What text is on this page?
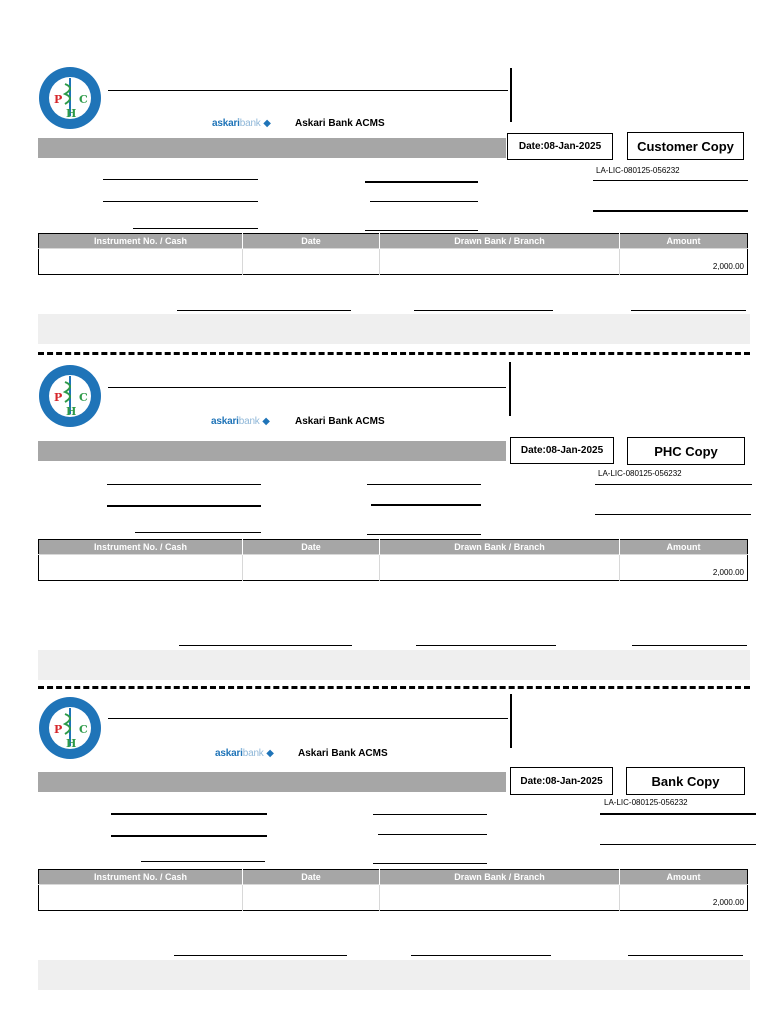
P C
H
askaribank ◆ Askari Bank ACMS
Date:08-Jan-2025	Customer Copy
LA-LIC-080125-056232
Instrument No. / Cash	Date	Drawn Bank / Branch	Amount
			2,000.00
P C
H
askaribank ◆	Askari Bank ACMS
Date:08-Jan-2025	PHC Copy
LA-LIC-080125-056232
Instrument No. / Cash	Date	Drawn Bank / Branch	Amount
			2,000.00
P C
H
askaribank ◆ Askari Bank ACMS
Date:08-Jan-2025	Bank Copy
LA-LIC-080125-056232
Instrument No. / Cash	Date	Drawn Bank / Branch	Amount
			2,000.00
